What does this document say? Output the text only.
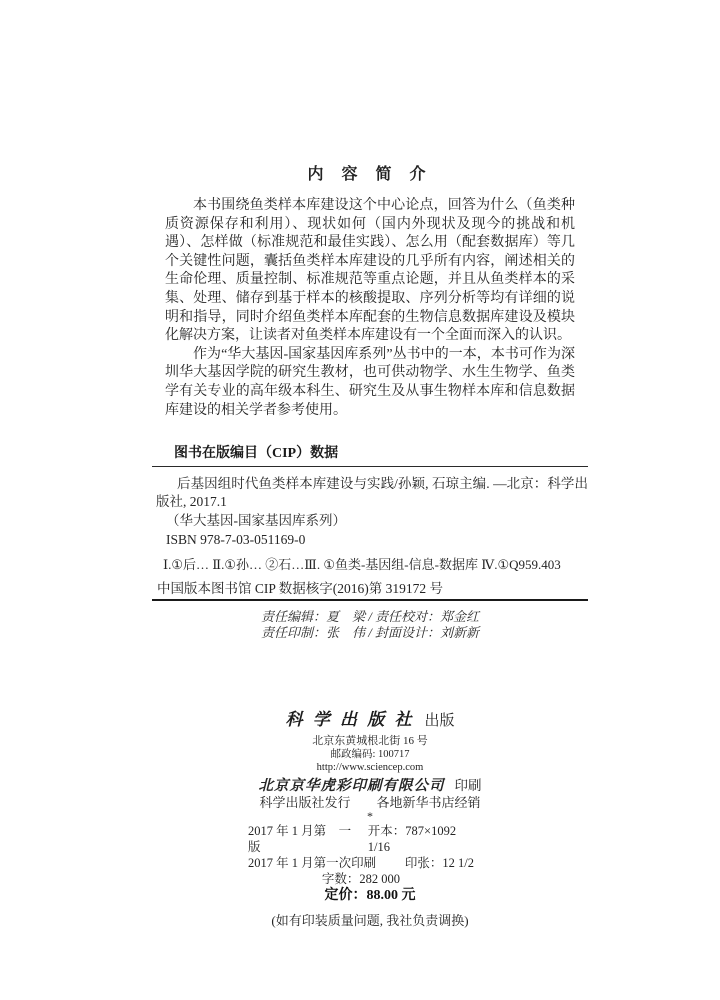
内 容 简 介

本书围绕鱼类样本库建设这个中心论点，回答为什么（鱼类种质资源保存和利用）、现状如何（国内外现状及现今的挑战和机遇）、怎样做（标准规范和最佳实践）、怎么用（配套数据库）等几个关键性问题，囊括鱼类样本库建设的几乎所有内容，阐述相关的生命伦理、质量控制、标准规范等重点论题，并且从鱼类样本的采集、处理、储存到基于样本的核酸提取、序列分析等均有详细的说明和指导，同时介绍鱼类样本库配套的生物信息数据库建设及模块化解决方案，让读者对鱼类样本库建设有一个全面而深入的认识。

作为“华大基因-国家基因库系列”丛书中的一本，本书可作为深圳华大基因学院的研究生教材，也可供动物学、水生生物学、鱼类学有关专业的高年级本科生、研究生及从事生物样本库和信息数据库建设的相关学者参考使用。

图书在版编目（CIP）数据

后基因组时代鱼类样本库建设与实践/孙颖, 石琼主编. —北京：科学出版社, 2017.1

（华大基因-国家基因库系列）

ISBN 978-7-03-051169-0

Ⅰ.①后… Ⅱ.①孙… ②石…Ⅲ. ①鱼类-基因组-信息-数据库 Ⅳ.①Q959.403

中国版本图书馆 CIP 数据核字(2016)第 319172 号

责任编辑：夏　梁 / 责任校对：郑金红

责任印制：张　伟 / 封面设计：刘新新

科 学 出 版 社 出版
北京东黄城根北街 16 号
邮政编码: 100717
http://www.sciencep.com
北京京华虎彩印刷有限公司 印刷
科学出版社发行　　各地新华书店经销
*
2017 年 1 月第　一　版
开本：787×1092 1/16
2017 年 1 月第一次印刷 印张：12 1/2
字数：282 000
定价：88.00 元
(如有印装质量问题, 我社负责调换)
